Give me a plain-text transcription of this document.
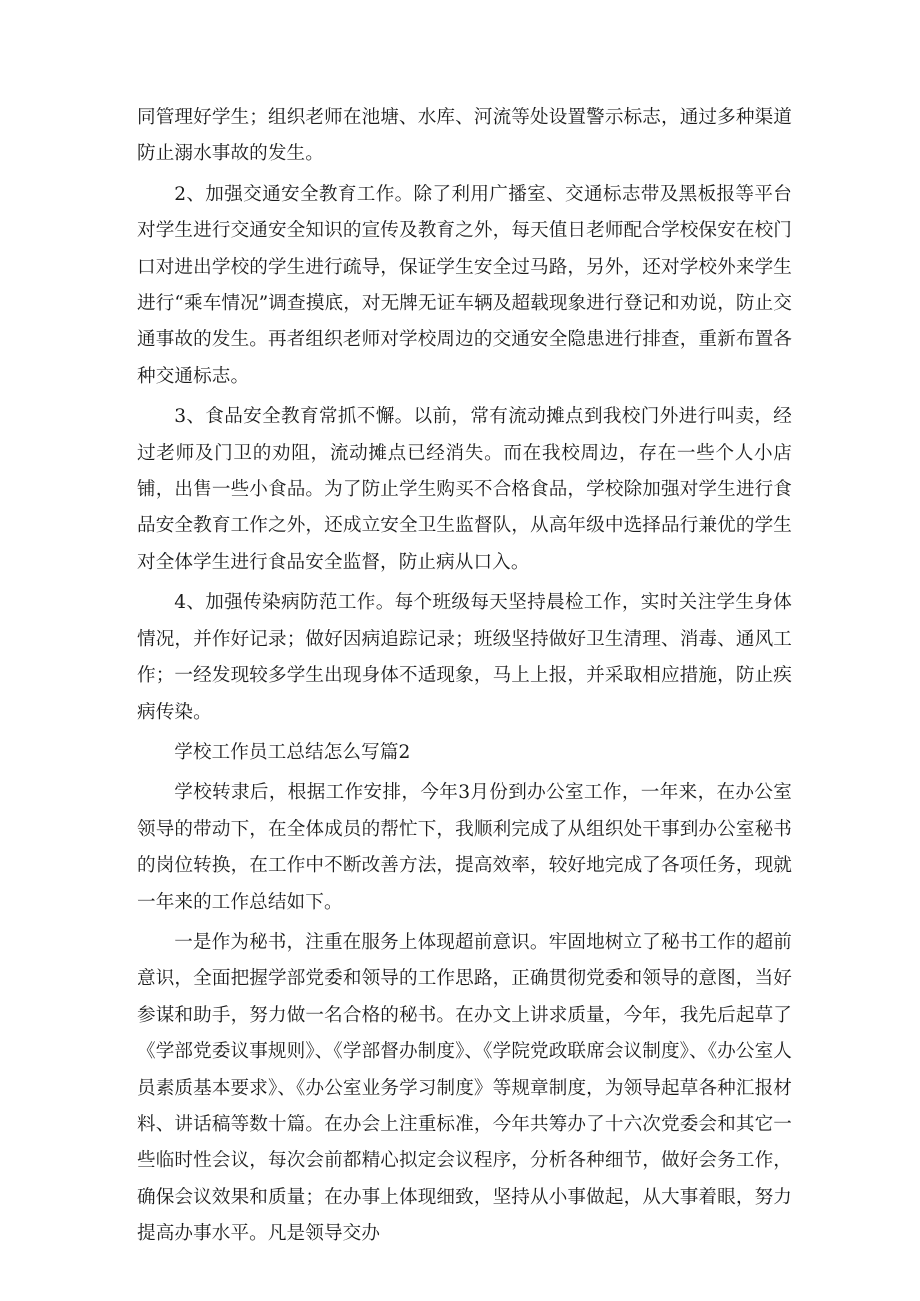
同管理好学生；组织老师在池塘、水库、河流等处设置警示标志，通过多种渠道防止溺水事故的发生。

2、加强交通安全教育工作。除了利用广播室、交通标志带及黑板报等平台对学生进行交通安全知识的宣传及教育之外，每天值日老师配合学校保安在校门口对进出学校的学生进行疏导，保证学生安全过马路，另外，还对学校外来学生进行“乘车情况”调查摸底，对无牌无证车辆及超载现象进行登记和劝说，防止交通事故的发生。再者组织老师对学校周边的交通安全隐患进行排查，重新布置各种交通标志。

3、食品安全教育常抓不懈。以前，常有流动摊点到我校门外进行叫卖，经过老师及门卫的劝阻，流动摊点已经消失。而在我校周边，存在一些个人小店铺，出售一些小食品。为了防止学生购买不合格食品，学校除加强对学生进行食品安全教育工作之外，还成立安全卫生监督队，从高年级中选择品行兼优的学生对全体学生进行食品安全监督，防止病从口入。

4、加强传染病防范工作。每个班级每天坚持晨检工作，实时关注学生身体情况，并作好记录；做好因病追踪记录；班级坚持做好卫生清理、消毒、通风工作；一经发现较多学生出现身体不适现象，马上上报，并采取相应措施，防止疾病传染。

学校工作员工总结怎么写篇2

学校转隶后，根据工作安排，今年3月份到办公室工作，一年来，在办公室领导的带动下，在全体成员的帮忙下，我顺利完成了从组织处干事到办公室秘书的岗位转换，在工作中不断改善方法，提高效率，较好地完成了各项任务，现就一年来的工作总结如下。

一是作为秘书，注重在服务上体现超前意识。牢固地树立了秘书工作的超前意识，全面把握学部党委和领导的工作思路，正确贯彻党委和领导的意图，当好参谋和助手，努力做一名合格的秘书。在办文上讲求质量，今年，我先后起草了《学部党委议事规则》、《学部督办制度》、《学院党政联席会议制度》、《办公室人员素质基本要求》、《办公室业务学习制度》等规章制度，为领导起草各种汇报材料、讲话稿等数十篇。在办会上注重标准，今年共筹办了十六次党委会和其它一些临时性会议，每次会前都精心拟定会议程序，分析各种细节，做好会务工作，确保会议效果和质量；在办事上体现细致，坚持从小事做起，从大事着眼，努力提高办事水平。凡是领导交办
